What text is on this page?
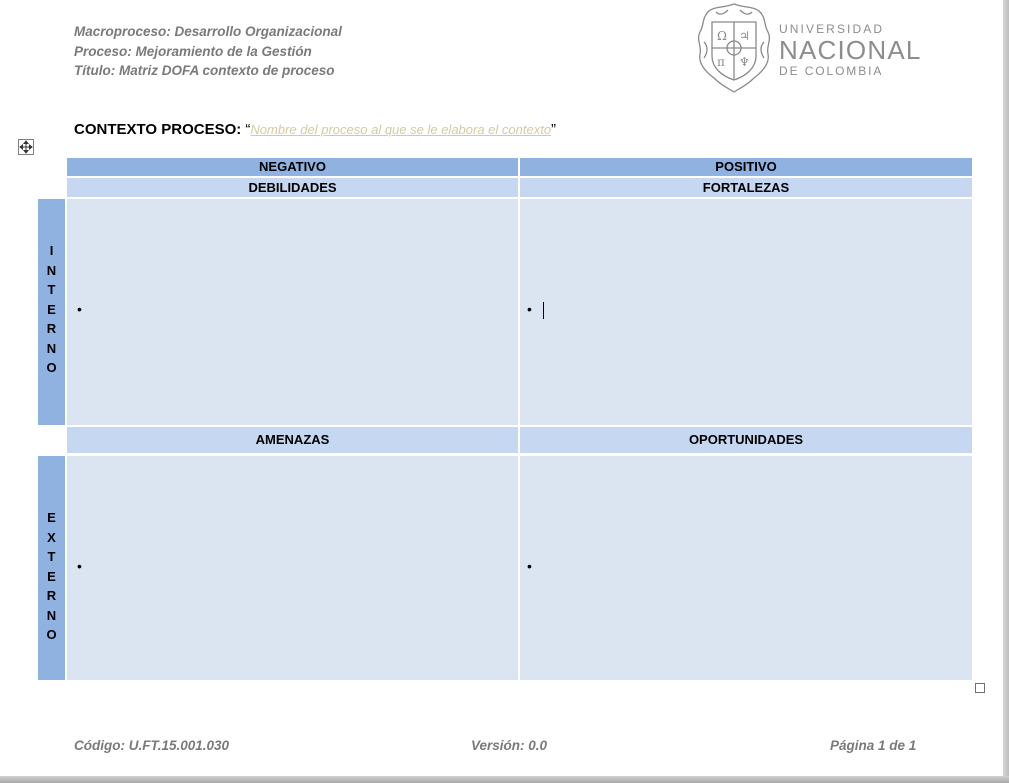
Macroproceso: Desarrollo Organizacional
Proceso: Mejoramiento de la Gestión
Título: Matriz DOFA contexto de proceso
Ω ♃
π ♆
UNIVERSIDAD
NACIONAL
DE COLOMBIA
CONTEXTO PROCESO: “Nombre del proceso al que se le elabora el contexto”
NEGATIVO	POSITIVO
DEBILIDADES	FORTALEZAS
I
N
T
E
R
N
O
•	•
AMENAZAS	OPORTUNIDADES
E
X
T
E
R
N
O
•	•
Código: U.FT.15.001.030	Versión: 0.0	Página 1 de 1
